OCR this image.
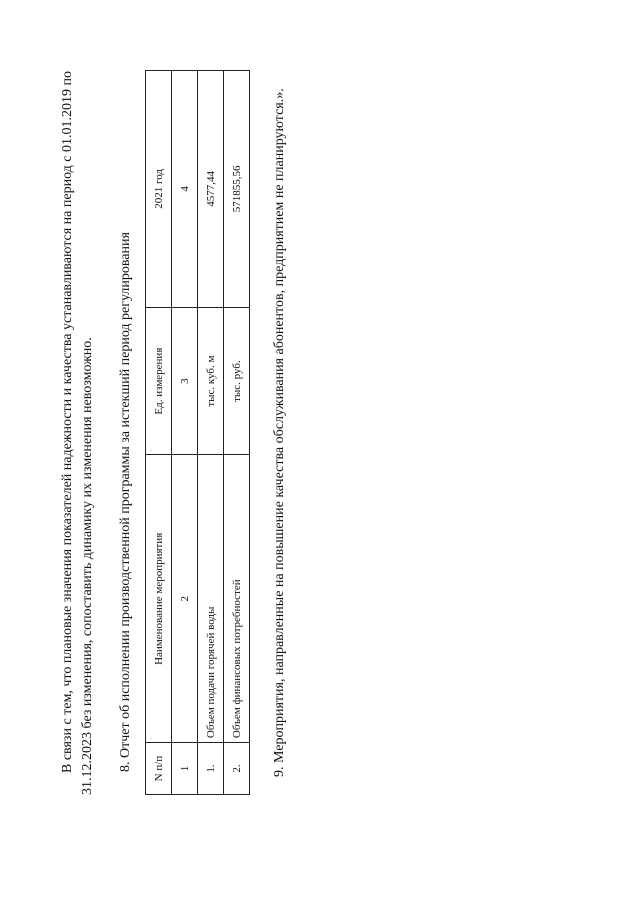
В связи с тем, что плановые значения показателей надежности и качества устанавливаются на период с 01.01.2019 по 31.12.2023 без изменения, сопоставить динамику их изменения невозможно. 8. Отчет об исполнении производственной программы за истекший период регулирования N п/п	Наименование мероприятия	Ед. измерения	2021 год
1	2	3	4
1.	Объем подачи горячей воды	тыс. куб. м	4577,44
2.	Объем финансовых потребностей	тыс. руб.	571855,56 9. Мероприятия, направленные на повышение качества обслуживания абонентов, предприятием не планируются.».
